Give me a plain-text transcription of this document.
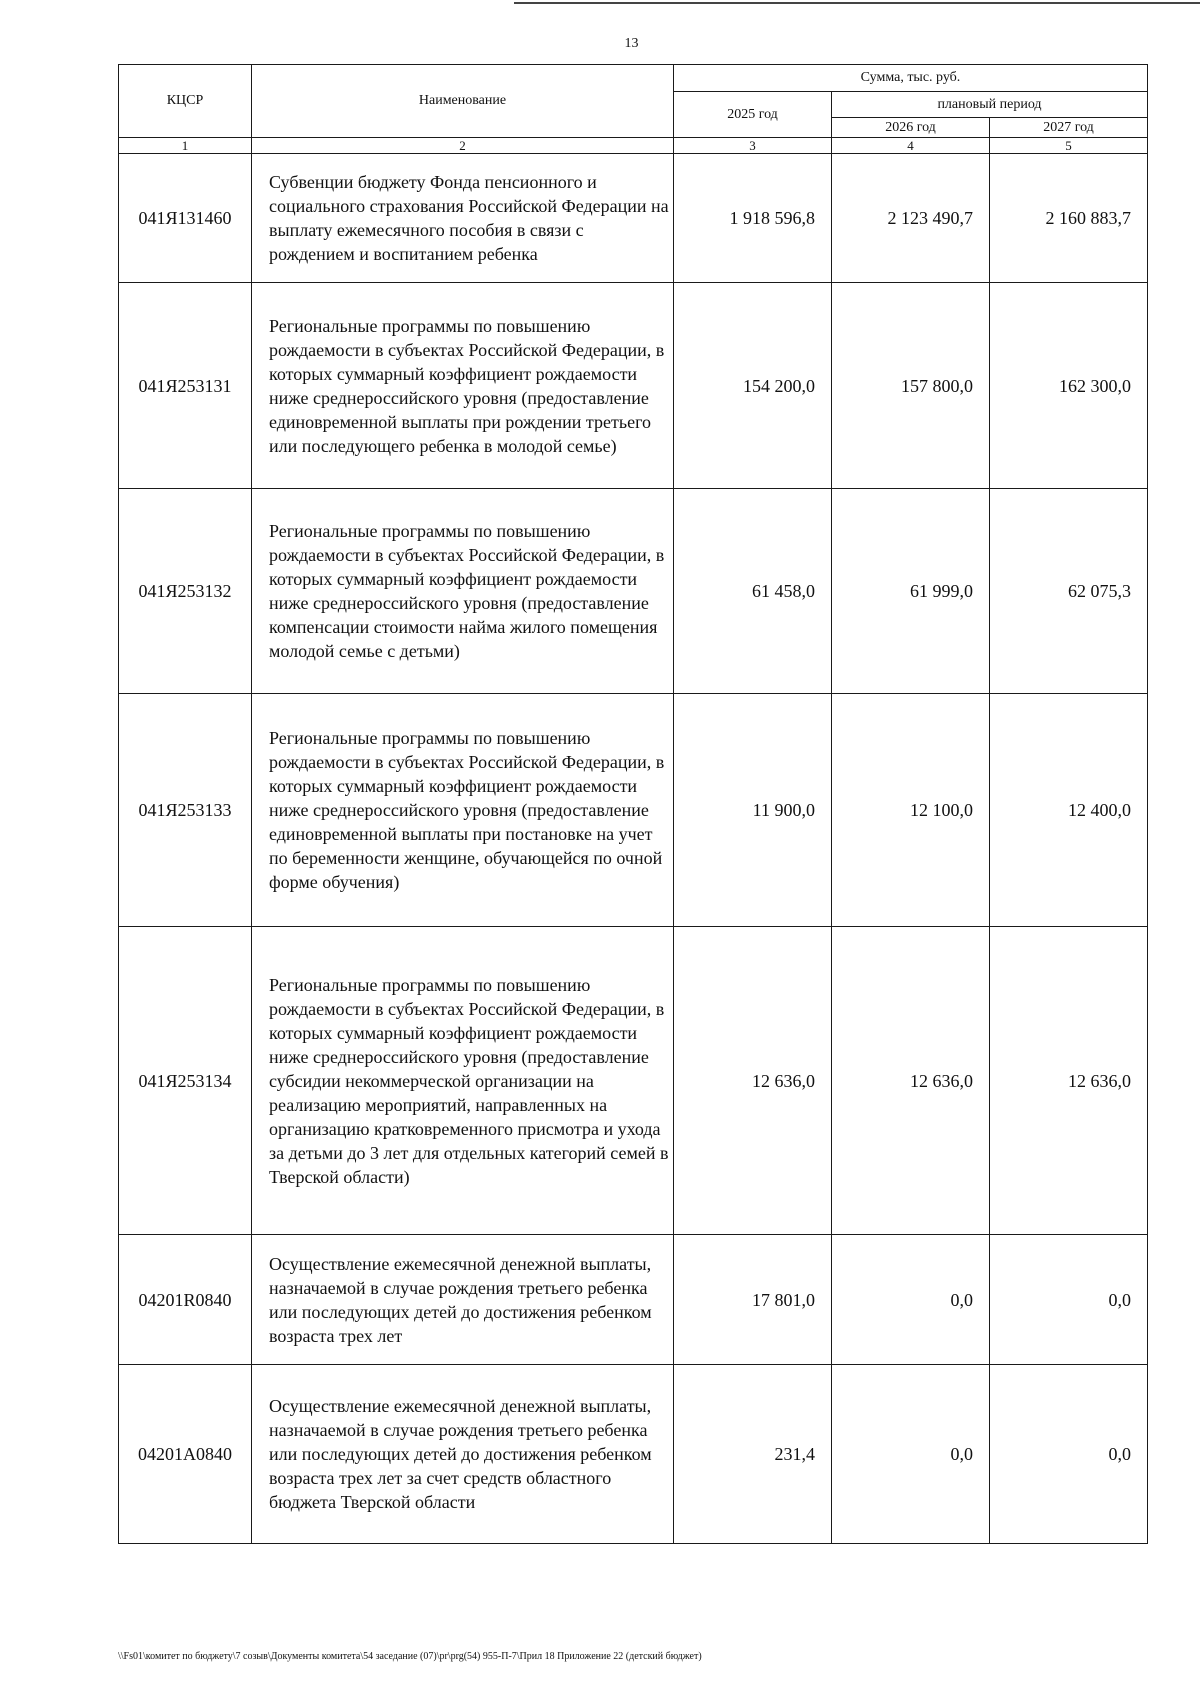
13
КЦСР	Наименование	Сумма, тыс. руб.		
		2025 год	плановый период	
			2026 год	2027 год
1	2	3	4	5
041Я131460	Субвенции бюджету Фонда пенсионного и социального страхования Российской Федерации на выплату ежемесячного пособия в связи с рождением и воспитанием ребенка	1 918 596,8	2 123 490,7	2 160 883,7
041Я253131	Региональные программы по повышению рождаемости в субъектах Российской Федерации, в которых суммарный коэффициент рождаемости ниже среднероссийского уровня (предоставление единовременной выплаты при рождении третьего или последующего ребенка в молодой семье)	154 200,0	157 800,0	162 300,0
041Я253132	Региональные программы по повышению рождаемости в субъектах Российской Федерации, в которых суммарный коэффициент рождаемости ниже среднероссийского уровня (предоставление компенсации стоимости найма жилого помещения молодой семье с детьми)	61 458,0	61 999,0	62 075,3
041Я253133	Региональные программы по повышению рождаемости в субъектах Российской Федерации, в которых суммарный коэффициент рождаемости ниже среднероссийского уровня (предоставление единовременной выплаты при постановке на учет по беременности женщине, обучающейся по очной форме обучения)	11 900,0	12 100,0	12 400,0
041Я253134	Региональные программы по повышению рождаемости в субъектах Российской Федерации, в которых суммарный коэффициент рождаемости ниже среднероссийского уровня (предоставление субсидии некоммерческой организации на реализацию мероприятий, направленных на организацию кратковременного присмотра и ухода за детьми до 3 лет для отдельных категорий семей в Тверской области)	12 636,0	12 636,0	12 636,0
04201R0840	Осуществление ежемесячной денежной выплаты, назначаемой в случае рождения третьего ребенка или последующих детей до достижения ребенком возраста трех лет	17 801,0	0,0	0,0
04201A0840	Осуществление ежемесячной денежной выплаты, назначаемой в случае рождения третьего ребенка или последующих детей до достижения ребенком возраста трех лет за счет средств областного бюджета Тверской области	231,4	0,0	0,0
\\Fs01\комитет по бюджету\7 созыв\Документы комитета\54 заседание (07)\pr\prg(54) 955-П-7\Прил 18 Приложение 22 (детский бюджет)
